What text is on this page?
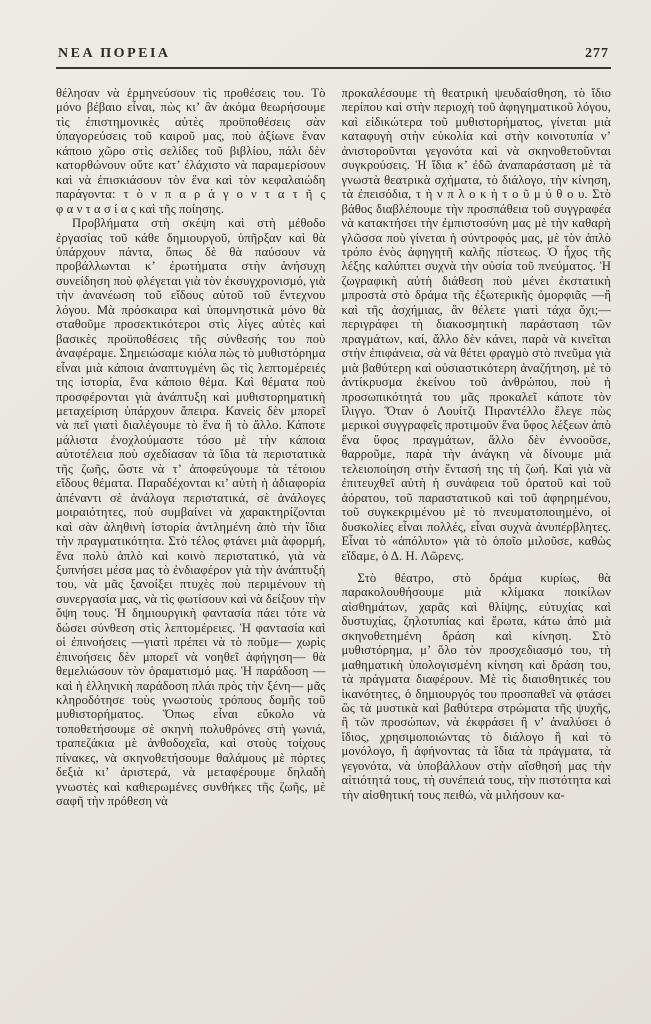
ΝΕΑ ΠΟΡΕΙΑ	277

θέλησαν νὰ ἑρμηνεύσουν τὶς προθέσεις του. Τὸ μόνο βέβαιο εἶναι, πὼς κι’ ἂν ἀκόμα θεωρήσουμε τὶς ἐπιστημονικὲς αὐτὲς προϋποθέσεις σὰν ὑπαγορεύσεις τοῦ καιροῦ μας, ποὺ ἀξίωνε ἕναν κάποιο χῶρο στὶς σελίδες τοῦ βιβλίου, πάλι δὲν κατορθώνουν οὔτε κατ’ ἐλάχιστο νὰ παραμερίσουν καὶ νὰ ἐπισκιάσουν τὸν ἕνα καὶ τὸν κεφαλαιώδη παράγοντα: τ ὸ ν π α ρ ά γ ο ν τ α τ ῆ ς φ α ν τ α σ ί α ς καὶ τῆς ποίησης.

Προβλήματα στὴ σκέψη καὶ στὴ μέθοδο ἐργασίας τοῦ κάθε δημιουργοῦ, ὑπῆρξαν καὶ θὰ ὑπάρχουν πάντα, ὅπως δὲ θὰ παύσουν νὰ προβάλλωνται κ’ ἐρωτήματα στὴν ἀνήσυχη συνείδηση ποὺ φλέγεται γιὰ τὸν ἐκσυγχρονισμό, γιὰ τὴν ἀνανέωση τοῦ εἴδους αὐτοῦ τοῦ ἔντεχνου λόγου. Μὰ πρόσκαιρα καὶ ὑπομνηστικὰ μόνο θὰ σταθοῦμε προσεκτικότεροι στὶς λίγες αὐτὲς καὶ βασικὲς προϋποθέσεις τῆς σύνθεσής του ποὺ ἀναφέραμε. Σημειώσαμε κιόλα πὼς τὸ μυθιστόρημα εἶναι μιὰ κάποια ἀναπτυγμένη ὣς τὶς λεπτομέρειές της ἱστορία, ἕνα κάποιο θέμα. Καὶ θέματα ποὺ προσφέρονται γιὰ ἀνάπτυξη καὶ μυθιστορηματικὴ μεταχείριση ὑπάρχουν ἄπειρα. Κανεὶς δὲν μπορεῖ νὰ πεῖ γιατὶ διαλέγουμε τὸ ἕνα ἢ τὸ ἄλλο. Κάποτε μάλιστα ἐνοχλούμαστε τόσο μὲ τὴν κάποια αὐτοτέλεια ποὺ σχεδίασαν τὰ ἴδια τὰ περιστατικὰ τῆς ζωῆς, ὥστε νὰ τ’ ἀποφεύγουμε τὰ τέτοιου εἴδους θέματα. Παραδέχονται κι’ αὐτὴ ἡ ἀδιαφορία ἀπέναντι σὲ ἀνάλογα περιστατικά, σὲ ἀνάλογες μοιραιότητες, ποὺ συμβαίνει νὰ χαρακτηρίζονται καὶ σὰν ἀληθινὴ ἱστορία ἀντλημένη ἀπὸ τὴν ἴδια τὴν πραγματικότητα. Στὸ τέλος φτάνει μιὰ ἀφορμή, ἕνα πολὺ ἁπλὸ καὶ κοινὸ περιστατικό, γιὰ νὰ ξυπνήσει μέσα μας τὸ ἐνδιαφέρον γιὰ τὴν ἀνάπτυξή του, νὰ μᾶς ξανοίξει πτυχὲς ποὺ περιμένουν τὴ συνεργασία μας, νὰ τὶς φωτίσουν καὶ νὰ δείξουν τὴν ὄψη τους. Ἡ δημιουργικὴ φαντασία πάει τότε νὰ δώσει σύνθεση στὶς λεπτομέρειες. Ἡ φαντασία καὶ οἱ ἐπινοήσεις —γιατὶ πρέπει νὰ τὸ ποῦμε— χωρὶς ἐπινοήσεις δὲν μπορεῖ νὰ νοηθεῖ ἀφήγηση— θὰ θεμελιώσουν τὸν ὁραματισμό μας. Ἡ παράδοση —καὶ ἡ ἑλληνικὴ παράδοση πλάι πρὸς τὴν ξένη— μᾶς κληροδότησε τοὺς γνωστοὺς τρόπους δομῆς τοῦ μυθιστορήματος. Ὅπως εἶναι εὔκολο νὰ τοποθετήσουμε σὲ σκηνὴ πολυθρόνες στὴ γωνιά, τραπεζάκια μὲ ἀνθοδοχεῖα, καὶ στοὺς τοίχους πίνακες, νὰ σκηνοθετήσουμε θαλάμους μὲ πόρτες δεξιὰ κι’ ἀριστερά, νὰ μεταφέρουμε δηλαδὴ γνωστὲς καὶ καθιερωμένες συνθήκες τῆς ζωῆς, μὲ σαφῆ τὴν πρόθεση νὰ

προκαλέσουμε τὴ θεατρικὴ ψευδαίσθηση, τὸ ἴδιο περίπου καὶ στὴν περιοχὴ τοῦ ἀφηγηματικοῦ λόγου, καὶ εἰδικώτερα τοῦ μυθιστορήματος, γίνεται μιὰ καταφυγὴ στὴν εὐκολία καὶ στὴν κοινοτυπία ν’ ἀνιστοροῦνται γεγονότα καὶ νὰ σκηνοθετοῦνται συγκρούσεις. Ἡ ἴδια κ’ ἐδῶ ἀναπαράσταση μὲ τὰ γνωστὰ θεατρικὰ σχήματα, τὸ διάλογο, τὴν κίνηση, τὰ ἐπεισόδια, τ ὴ ν π λ ο κ ὴ τ ο ῦ μ ύ θ ο υ. Στὸ βάθος διαβλέπουμε τὴν προσπάθεια τοῦ συγγραφέα νὰ κατακτήσει τὴν ἐμπιστοσύνη μας μὲ τὴν καθαρὴ γλῶσσα ποὺ γίνεται ἡ σύντροφός μας, μὲ τὸν ἁπλὸ τρόπο ἑνὸς ἀφηγητῆ καλῆς πίστεως. Ὁ ἦχος τῆς λέξης καλύπτει συχνὰ τὴν οὐσία τοῦ πνεύματος. Ἡ ζωγραφικὴ αὐτὴ διάθεση ποὺ μένει ἐκστατικὴ μπροστὰ στὸ δράμα τῆς ἐξωτερικῆς ὀμορφιᾶς —ἢ καὶ τῆς ἀσχήμιας, ἂν θέλετε γιατὶ τάχα ὄχι;— περιγράφει τὴ διακοσμητικὴ παράσταση τῶν πραγμάτων, καί, ἄλλο δὲν κάνει, παρὰ νὰ κινεῖται στὴν ἐπιφάνεια, σὰ νὰ θέτει φραγμὸ στὸ πνεῦμα γιὰ μιὰ βαθύτερη καὶ οὐσιαστικότερη ἀναζήτηση, μὲ τὸ ἀντίκρυσμα ἐκείνου τοῦ ἀνθρώπου, ποὺ ἡ προσωπικότητά του μᾶς προκαλεῖ κάποτε τὸν ἴλιγγο. Ὅταν ὁ Λουίτζι Πιραντέλλο ἔλεγε πὼς μερικοὶ συγγραφεῖς προτιμοῦν ἕνα ὕφος λέξεων ἀπὸ ἕνα ὕφος πραγμάτων, ἄλλο δὲν ἐννοοῦσε, θαρροῦμε, παρὰ τὴν ἀνάγκη νὰ δίνουμε μιὰ τελειοποίηση στὴν ἔντασή της τὴ ζωή. Καὶ γιὰ νὰ ἐπιτευχθεῖ αὐτὴ ἡ συνάφεια τοῦ ὁρατοῦ καὶ τοῦ ἀόρατου, τοῦ παραστατικοῦ καὶ τοῦ ἀφηρημένου, τοῦ συγκεκριμένου μὲ τὸ πνευματοποιημένο, οἱ δυσκολίες εἶναι πολλές, εἶναι συχνὰ ἀνυπέρβλητες. Εἶναι τὸ «ἀπόλυτο» γιὰ τὸ ὁποῖο μιλοῦσε, καθὼς εἴδαμε, ὁ Δ. Η. Λῶρενς.

Στὸ θέατρο, στὸ δράμα κυρίως, θὰ παρακολουθήσουμε μιὰ κλίμακα ποικίλων αἰσθημάτων, χαρᾶς καὶ θλίψης, εὐτυχίας καὶ δυστυχίας, ζηλοτυπίας καὶ ἔρωτα, κάτω ἀπὸ μιὰ σκηνοθετημένη δράση καὶ κίνηση. Στὸ μυθιστόρημα, μ’ ὅλο τὸν προσχεδιασμό του, τὴ μαθηματικὴ ὑπολογισμένη κίνηση καὶ δράση του, τὰ πράγματα διαφέρουν. Μὲ τὶς διαισθητικές του ἱκανότητες, ὁ δημιουργός του προσπαθεῖ νὰ φτάσει ὣς τὰ μυστικὰ καὶ βαθύτερα στρώματα τῆς ψυχῆς, ἢ τῶν προσώπων, νὰ ἐκφράσει ἢ ν’ ἀναλύσει ὁ ἴδιος, χρησιμοποιώντας τὸ διάλογο ἢ καὶ τὸ μονόλογο, ἢ ἀφήνοντας τὰ ἴδια τὰ πράγματα, τὰ γεγονότα, νὰ ὑποβάλλουν στὴν αἴσθησή μας τὴν αἰτιότητά τους, τὴ συνέπειά τους, τὴν πιστότητα καὶ τὴν αἰσθητική τους πειθώ, νὰ μιλήσουν κα-
